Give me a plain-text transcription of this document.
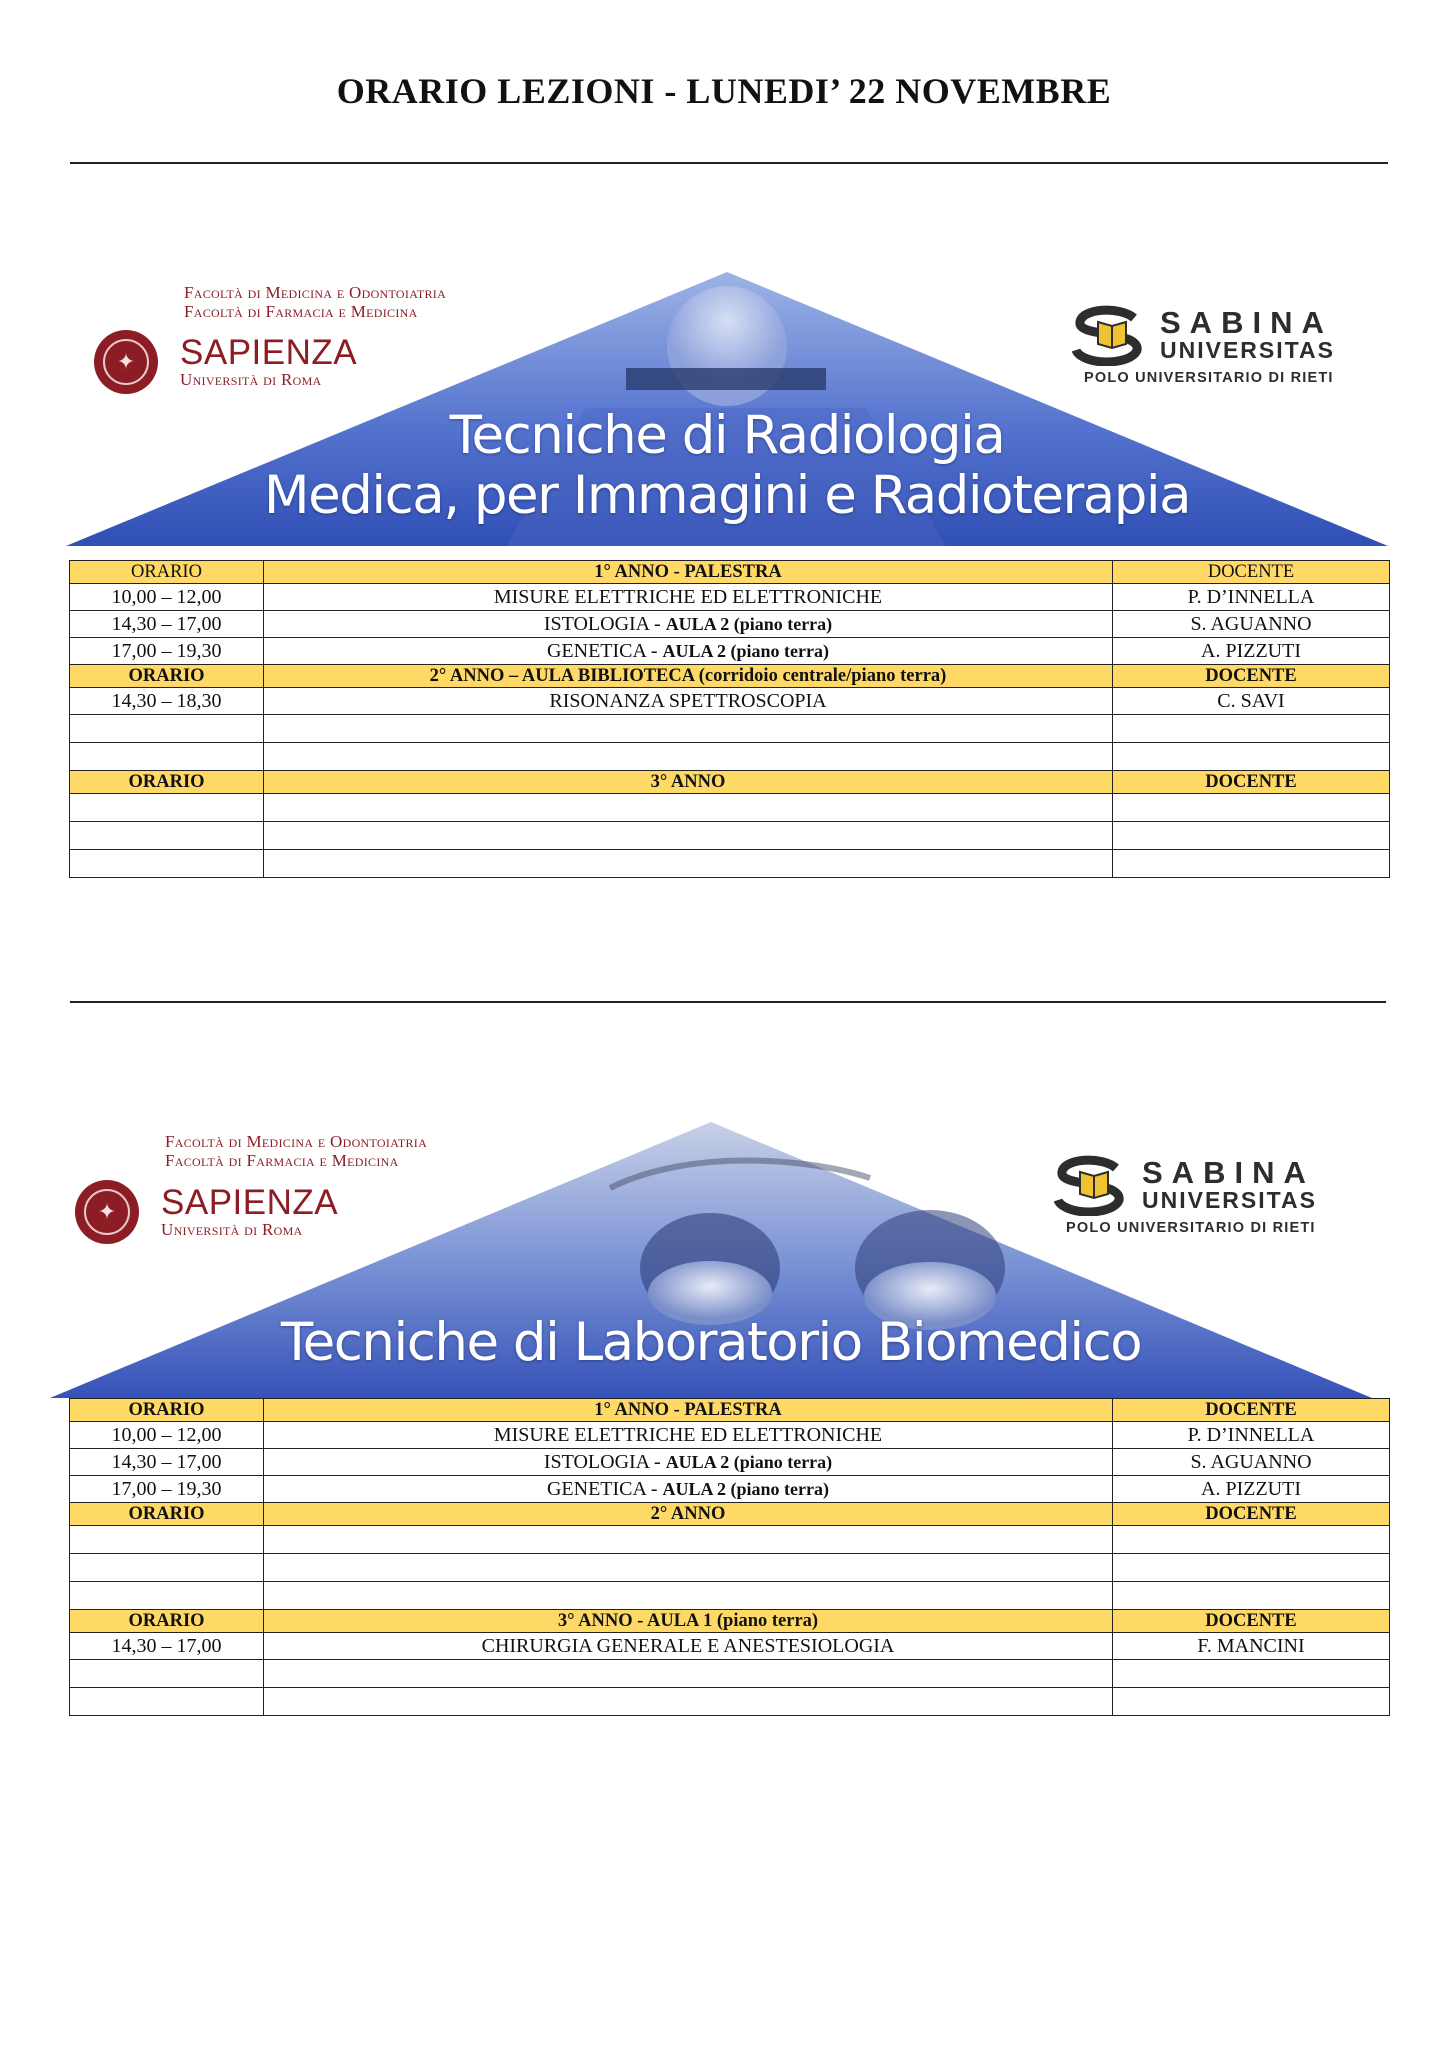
ORARIO LEZIONI - LUNEDI’ 22 NOVEMBRE
Facoltà di Medicina e Odontoiatria
Facoltà di Farmacia e Medicina
✦	SAPIENZA
Università di Roma
SABINA
UNIVERSITAS
POLO UNIVERSITARIO DI RIETI
Tecniche di Radiologia
Medica, per Immagini e Radioterapia
ORARIO	1° ANNO - PALESTRA	DOCENTE
10,00 – 12,00	MISURE ELETTRICHE ED ELETTRONICHE	P. D’INNELLA
14,30 – 17,00	ISTOLOGIA - AULA 2 (piano terra)	S. AGUANNO
17,00 – 19,30	GENETICA - AULA 2 (piano terra)	A. PIZZUTI
ORARIO	2° ANNO – AULA BIBLIOTECA (corridoio centrale/piano terra)	DOCENTE
14,30 – 18,30	RISONANZA SPETTROSCOPIA	C. SAVI

ORARIO	3° ANNO	DOCENTE

Facoltà di Medicina e Odontoiatria
Facoltà di Farmacia e Medicina
✦	SAPIENZA
Università di Roma
SABINA
UNIVERSITAS
POLO UNIVERSITARIO DI RIETI
Tecniche di Laboratorio Biomedico
ORARIO	1° ANNO - PALESTRA	DOCENTE
10,00 – 12,00	MISURE ELETTRICHE ED ELETTRONICHE	P. D’INNELLA
14,30 – 17,00	ISTOLOGIA - AULA 2 (piano terra)	S. AGUANNO
17,00 – 19,30	GENETICA - AULA 2 (piano terra)	A. PIZZUTI
ORARIO	2° ANNO	DOCENTE

ORARIO	3° ANNO - AULA 1 (piano terra)	DOCENTE
14,30 – 17,00	CHIRURGIA GENERALE E ANESTESIOLOGIA	F. MANCINI
